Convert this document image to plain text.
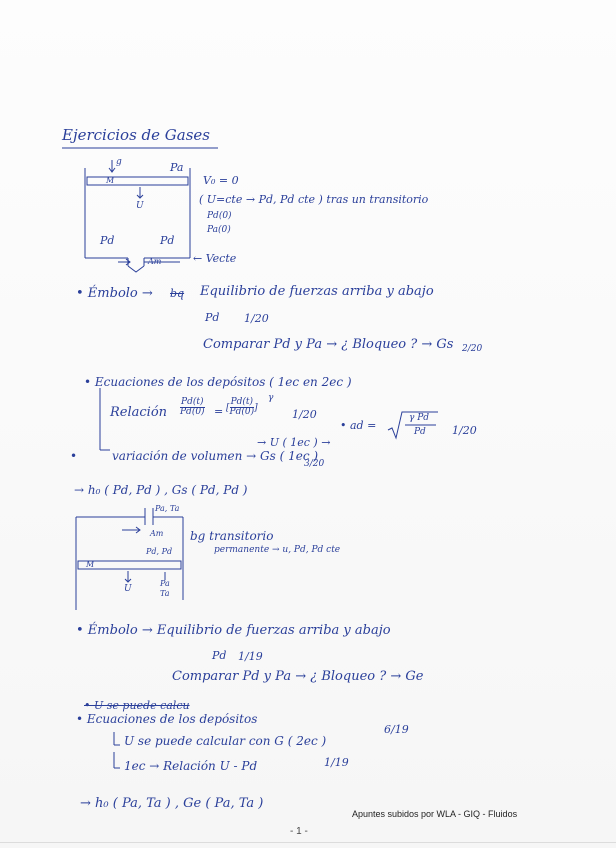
Ejercicios de Gases
g	Pa
M
U
Pd	Pd
Am
V₀ = 0
( U=cte → Pd, Pd cte ) tras un transitorio
Pd(0)
Pa(0)
← Vecte
• Émbolo → bq Equilibrio de fuerzas arriba y abajo
Pd 1/20
Comparar Pd y Pa → ¿ Bloqueo ? → Gs 2/20
• Ecuaciones de los depósitos ( 1ec en 2ec )
Relación $\frac{Pd(t)}{Pd(0)}$ = [ $\frac{Pd(t)}{Pd(0)}$ ]
γ
1/20
• ad =
γ Pd
Pd 1/20
→ U ( 1ec ) →
•	variación de volumen → Gs ( 1ec )
3/20
→ h₀ ( Pd, Pd ) , Gs ( Pd, Pd )
Pa, Ta
Am
Pd, Pd
M
U
Pa
Ta
bg transitorio
permanente → u, Pd, Pd cte
• Émbolo → Equilibrio de fuerzas arriba y abajo
Pd 1/19
Comparar Pd y Pa → ¿ Bloqueo ? → Ge
• U se puede calcu
• Ecuaciones de los depósitos
U se puede calcular con G ( 2ec )
6/19
1ec → Relación U - Pd	1/19
→ h₀ ( Pa, Ta ) , Ge ( Pa, Ta )
Apuntes subidos por WLA - GIQ - Fluidos
- 1 -
